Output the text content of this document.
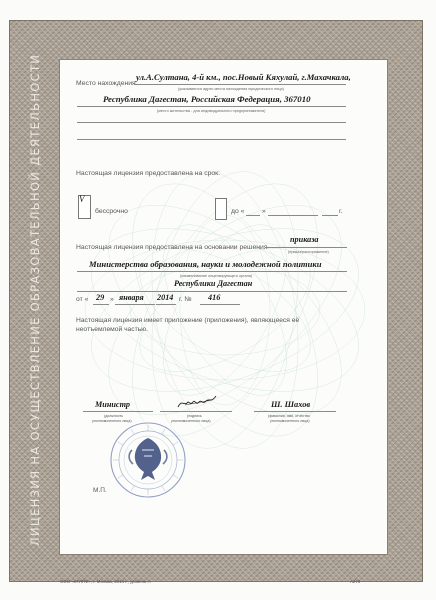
ЛИЦЕНЗИЯ НА ОСУЩЕСТВЛЕНИЕ ОБРАЗОВАТЕЛЬНОЙ ДЕЯТЕЛЬНОСТИ	Место нахождения
ул.А.Султана, 4-й км., пос.Новый Кяхулай, г.Махачкала,
(указываются адрес места нахождения юридического лица)
Республика Дагестан, Российская Федерация, 367010
(место жительства - для индивидуального предпринимателя)
Настоящая лицензия предоставлена на срок:
V
бессрочно	до «	»	г.
Настоящая лицензия предоставлена на основании решения
приказа
(приказ/распоряжение)
Министерства образования, науки и молодежной политики
(наименование лицензирующего органа)
Республики Дагестан
от « 29 » января 2014 г. № 416
Настоящая лицензия имеет приложение (приложения), являющееся её
неотъемлемой частью.
Министр
(должность
уполномоченного лица)
(подпись
уполномоченного лица)
Ш. Шахов
(фамилия, имя, отчество
уполномоченного лица)
М.П.
ООО «КТЛПФ», г. Москва, 2014 г., уровень А	А273
